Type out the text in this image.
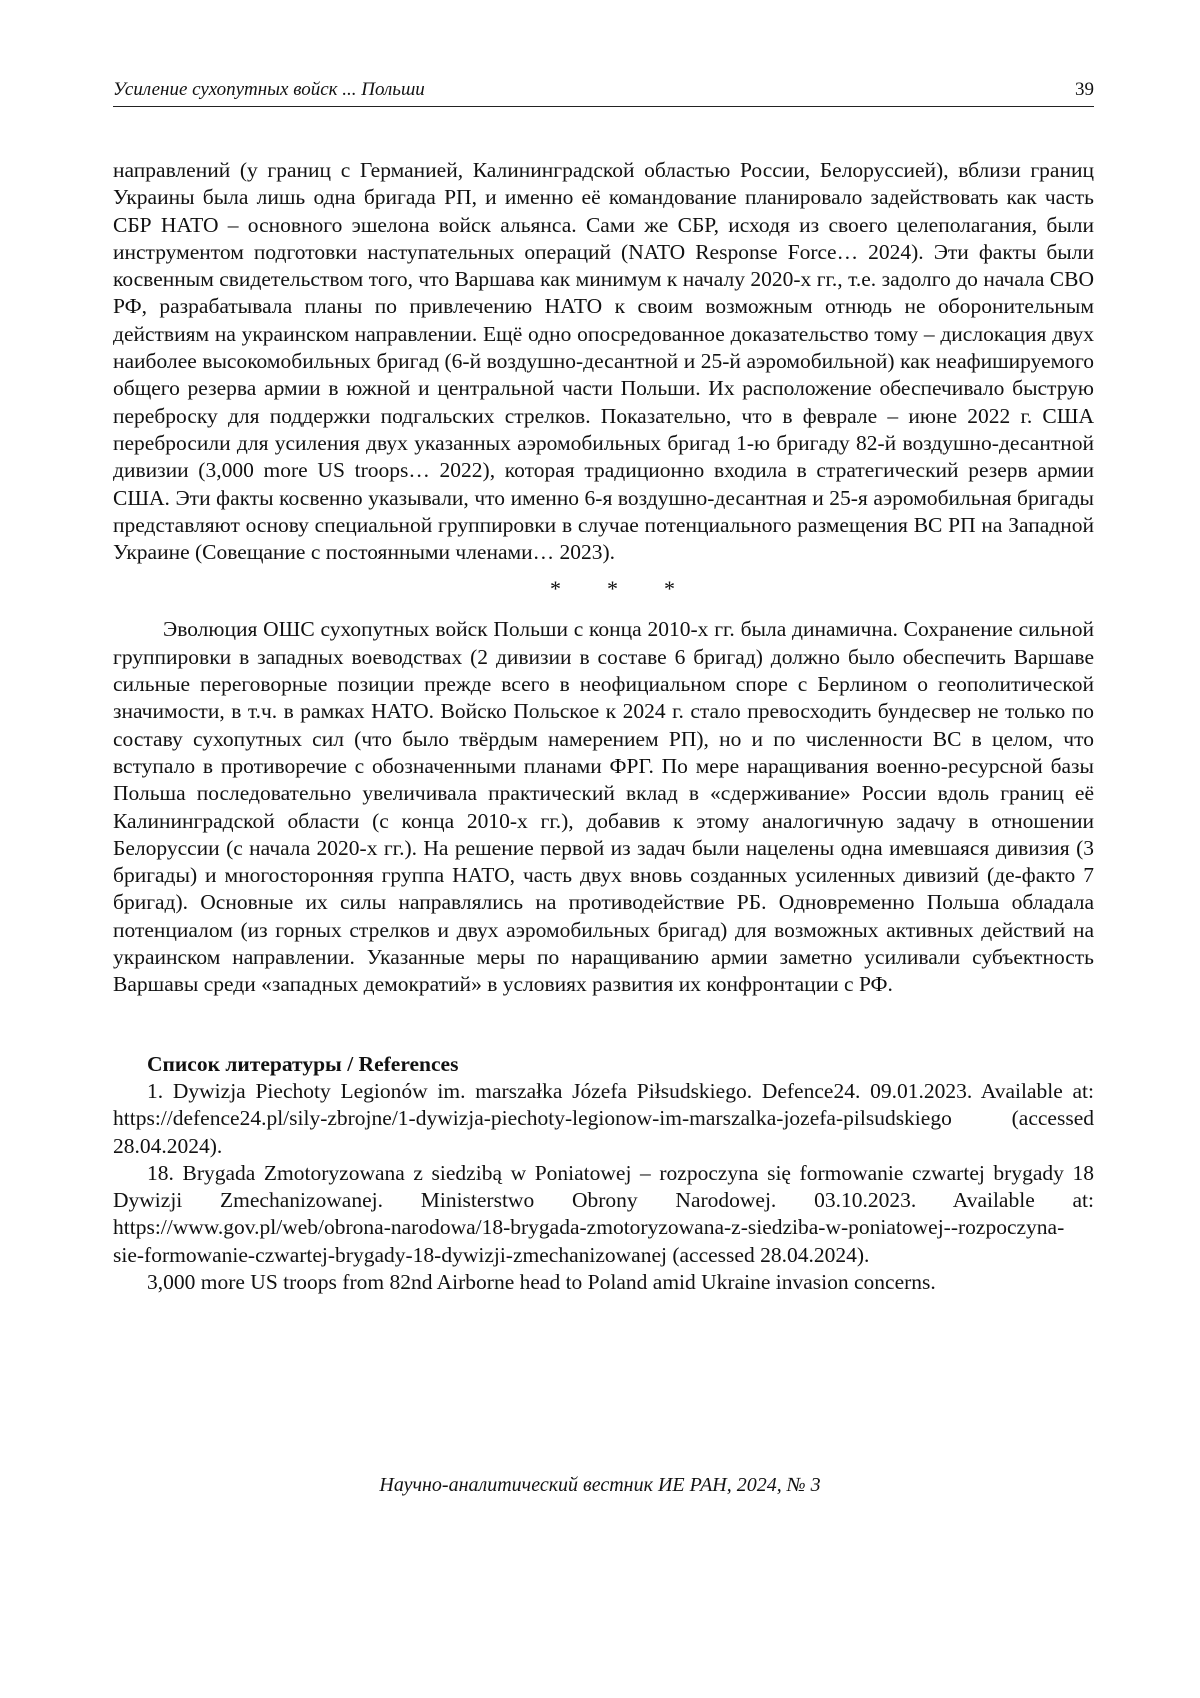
Усиление сухопутных войск ... Польши	39

направлений (у границ с Германией, Калининградской областью России, Белоруссией), вблизи границ Украины была лишь одна бригада РП, и именно её командование планировало задействовать как часть СБР НАТО – основного эшелона войск альянса. Сами же СБР, исходя из своего целеполагания, были инструментом подготовки наступательных операций (NATO Response Force… 2024). Эти факты были косвенным свидетельством того, что Варшава как минимум к началу 2020-х гг., т.е. задолго до начала СВО РФ, разрабатывала планы по привлечению НАТО к своим возможным отнюдь не оборонительным действиям на украинском направлении. Ещё одно опосредованное доказательство тому – дислокация двух наиболее высокомобильных бригад (6-й воздушно-десантной и 25-й аэромобильной) как неафишируемого общего резерва армии в южной и центральной части Польши. Их расположение обеспечивало быструю переброску для поддержки подгальских стрелков. Показательно, что в феврале – июне 2022 г. США перебросили для усиления двух указанных аэромобильных бригад 1-ю бригаду 82-й воздушно-десантной дивизии (3,000 more US troops… 2022), которая традиционно входила в стратегический резерв армии США. Эти факты косвенно указывали, что именно 6-я воздушно-десантная и 25-я аэромобильная бригады представляют основу специальной группировки в случае потенциального размещения ВС РП на Западной Украине (Совещание с постоянными членами… 2023).

* * *

Эволюция ОШС сухопутных войск Польши с конца 2010-х гг. была динамична. Сохранение сильной группировки в западных воеводствах (2 дивизии в составе 6 бригад) должно было обеспечить Варшаве сильные переговорные позиции прежде всего в неофициальном споре с Берлином о геополитической значимости, в т.ч. в рамках НАТО. Войско Польское к 2024 г. стало превосходить бундесвер не только по составу сухопутных сил (что было твёрдым намерением РП), но и по численности ВС в целом, что вступало в противоречие с обозначенными планами ФРГ. По мере наращивания военно-ресурсной базы Польша последовательно увеличивала практический вклад в «сдерживание» России вдоль границ её Калининградской области (с конца 2010-х гг.), добавив к этому аналогичную задачу в отношении Белоруссии (с начала 2020-х гг.). На решение первой из задач были нацелены одна имевшаяся дивизия (3 бригады) и многосторонняя группа НАТО, часть двух вновь созданных усиленных дивизий (де-факто 7 бригад). Основные их силы направлялись на противодействие РБ. Одновременно Польша обладала потенциалом (из горных стрелков и двух аэромобильных бригад) для возможных активных действий на украинском направлении. Указанные меры по наращиванию армии заметно усиливали субъектность Варшавы среди «западных демократий» в условиях развития их конфронтации с РФ.

Список литературы / References

1. Dywizja Piechoty Legionów im. marszałka Józefa Piłsudskiego. Defence24. 09.01.2023. Available at: https://defence24.pl/sily-zbrojne/1-dywizja-piechoty-legionow-im-marszalka-jozefa-pilsudskiego (accessed 28.04.2024).

18. Brygada Zmotoryzowana z siedzibą w Poniatowej – rozpoczyna się formowanie czwartej brygady 18 Dywizji Zmechanizowanej. Ministerstwo Obrony Narodowej. 03.10.2023. Available at: https://www.gov.pl/web/obrona-narodowa/18-brygada-zmotoryzowana-z-siedziba-w-poniatowej--rozpoczyna-sie-formowanie-czwartej-brygady-18-dywizji-zmechanizowanej (accessed 28.04.2024).

3,000 more US troops from 82nd Airborne head to Poland amid Ukraine invasion concerns.

Научно-аналитический вестник ИЕ РАН, 2024, № 3
